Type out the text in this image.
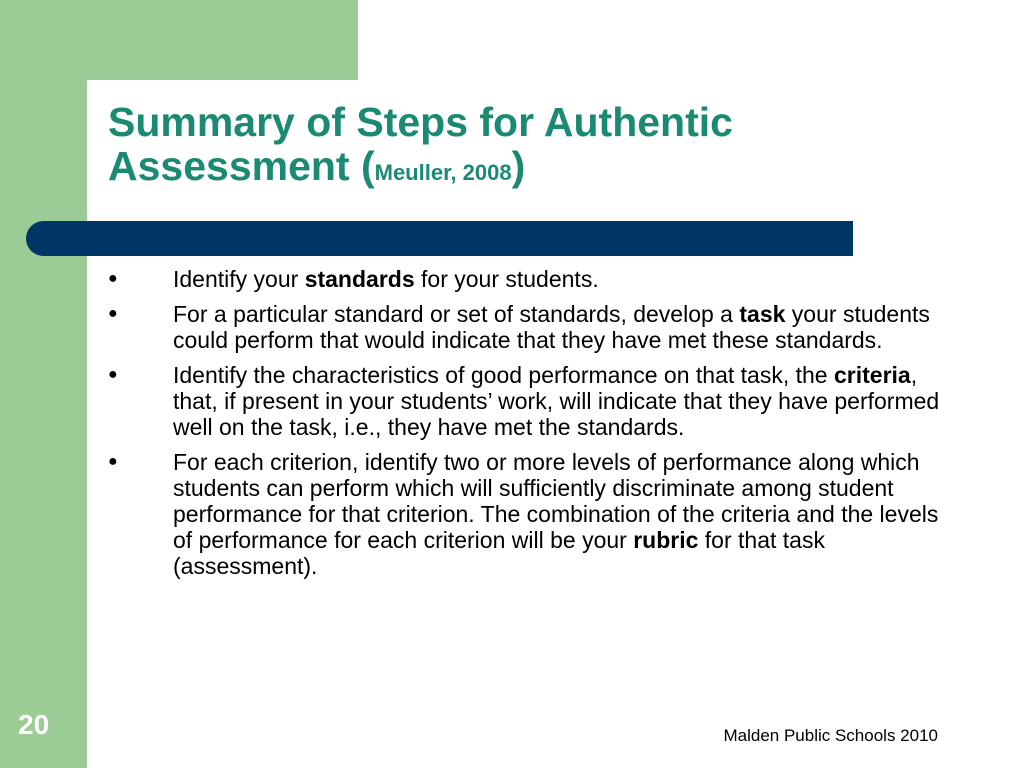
Summary of Steps for Authentic
Assessment (Meuller, 2008)
● Identify your standards for your students.
● For a particular standard or set of standards, develop a task your students could perform that would indicate that they have met these standards.
● Identify the characteristics of good performance on that task, the criteria, that, if present in your students’ work, will indicate that they have performed well on the task, i.e., they have met the standards.
● For each criterion, identify two or more levels of performance along which students can perform which will sufficiently discriminate among student performance for that criterion. The combination of the criteria and the levels of performance for each criterion will be your rubric for that task (assessment).
20	Malden Public Schools 2010
